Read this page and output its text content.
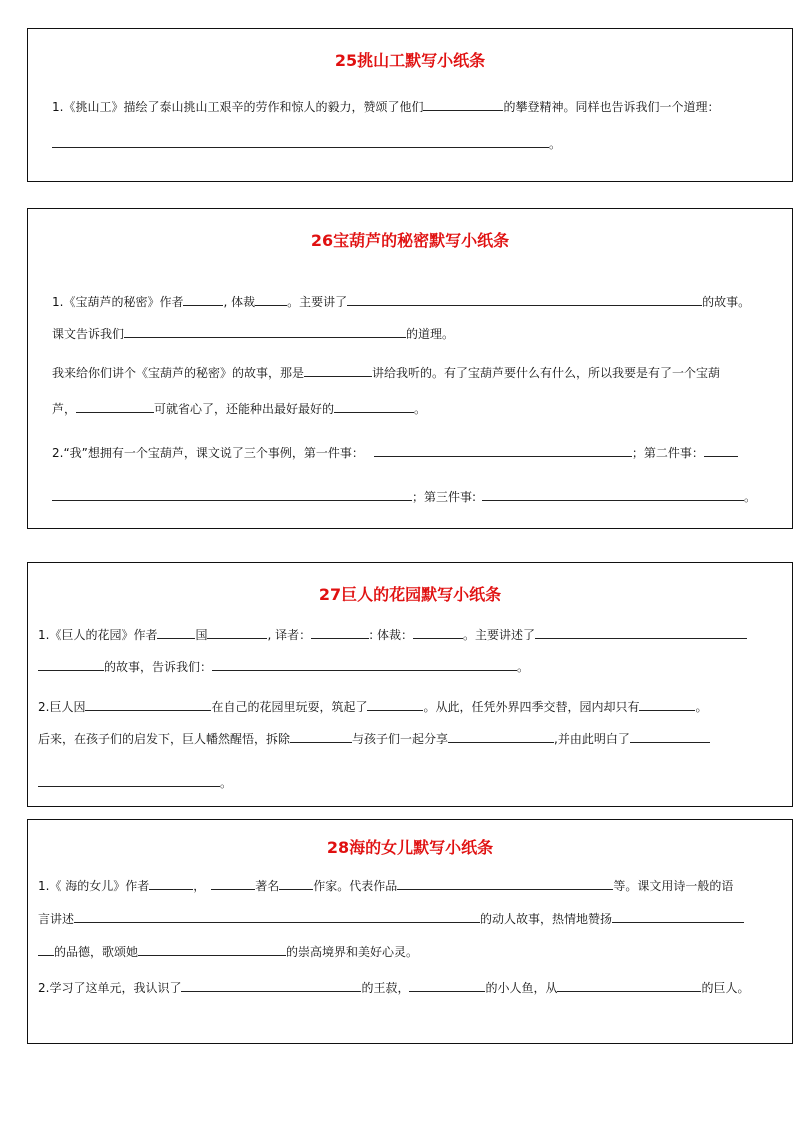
25挑山工默写小纸条
1.《挑山工》描绘了泰山挑山工艰辛的劳作和惊人的毅力，赞颂了他们	的攀登精神。同样也告诉我们一个道理：
。
26宝葫芦的秘密默写小纸条
1.《宝葫芦的秘密》作者	, 体裁	。主要讲了	的故事。
课文告诉我们	的道理。
我来给你们讲个《宝葫芦的秘密》的故事，那是	讲给我听的。有了宝葫芦要什么有什么，所以我要是有了一个宝葫
芦，	可就省心了，还能种出最好最好的	。
2.“我”想拥有一个宝葫芦，课文说了三个事例，第一件事：	；第二件事：
；第三件事:	。
27巨人的花园默写小纸条
1.《巨人的花园》作者	国	, 译者：	: 体裁：	。主要讲述了
的故事，告诉我们：	。
2.巨人因	在自己的花园里玩耍，筑起了	。从此，任凭外界四季交替，园内却只有	。
后来，在孩子们的启发下，巨人幡然醒悟，拆除	与孩子们一起分享	,并由此明白了
。
28海的女儿默写小纸条
1.《 海的女儿》作者	，	著名	作家。代表作品	等。课文用诗一般的语
言讲述	的动人故事，热情地赞扬
的品德，歌颂她	的崇高境界和美好心灵。
2.学习了这单元，我认识了	的王菽，	的小人鱼，从	的巨人。
